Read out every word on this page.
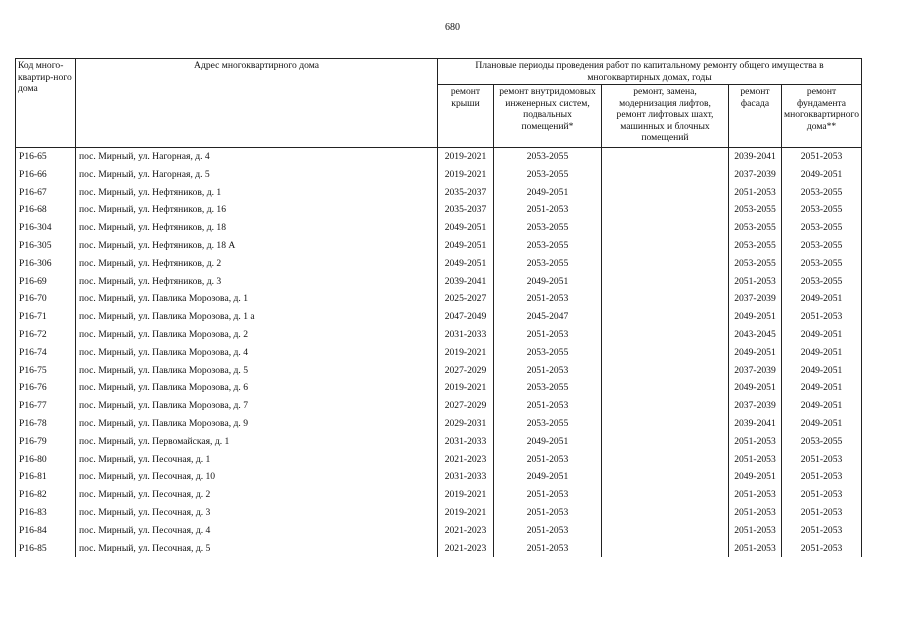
680
Код много-квартир-ного дома	Адрес многоквартирного дома	Плановые периоды проведения работ по капитальному ремонту общего имущества в многоквартирных домах, годы				
		ремонт крыши	ремонт внутридомовых инженерных систем, подвальных помещений*	ремонт, замена, модернизация лифтов, ремонт лифтовых шахт, машинных и блочных помещений	ремонт фасада	ремонт фундамента многоквартирного дома**
Р16-65	пос. Мирный, ул. Нагорная, д. 4	2019-2021	2053-2055		2039-2041	2051-2053
Р16-66	пос. Мирный, ул. Нагорная, д. 5	2019-2021	2053-2055		2037-2039	2049-2051
Р16-67	пос. Мирный, ул. Нефтяников, д. 1	2035-2037	2049-2051		2051-2053	2053-2055
Р16-68	пос. Мирный, ул. Нефтяников, д. 16	2035-2037	2051-2053		2053-2055	2053-2055
Р16-304	пос. Мирный, ул. Нефтяников, д. 18	2049-2051	2053-2055		2053-2055	2053-2055
Р16-305	пос. Мирный, ул. Нефтяников, д. 18 А	2049-2051	2053-2055		2053-2055	2053-2055
Р16-306	пос. Мирный, ул. Нефтяников, д. 2	2049-2051	2053-2055		2053-2055	2053-2055
Р16-69	пос. Мирный, ул. Нефтяников, д. 3	2039-2041	2049-2051		2051-2053	2053-2055
Р16-70	пос. Мирный, ул. Павлика Морозова, д. 1	2025-2027	2051-2053		2037-2039	2049-2051
Р16-71	пос. Мирный, ул. Павлика Морозова, д. 1 а	2047-2049	2045-2047		2049-2051	2051-2053
Р16-72	пос. Мирный, ул. Павлика Морозова, д. 2	2031-2033	2051-2053		2043-2045	2049-2051
Р16-74	пос. Мирный, ул. Павлика Морозова, д. 4	2019-2021	2053-2055		2049-2051	2049-2051
Р16-75	пос. Мирный, ул. Павлика Морозова, д. 5	2027-2029	2051-2053		2037-2039	2049-2051
Р16-76	пос. Мирный, ул. Павлика Морозова, д. 6	2019-2021	2053-2055		2049-2051	2049-2051
Р16-77	пос. Мирный, ул. Павлика Морозова, д. 7	2027-2029	2051-2053		2037-2039	2049-2051
Р16-78	пос. Мирный, ул. Павлика Морозова, д. 9	2029-2031	2053-2055		2039-2041	2049-2051
Р16-79	пос. Мирный, ул. Первомайская, д. 1	2031-2033	2049-2051		2051-2053	2053-2055
Р16-80	пос. Мирный, ул. Песочная, д. 1	2021-2023	2051-2053		2051-2053	2051-2053
Р16-81	пос. Мирный, ул. Песочная, д. 10	2031-2033	2049-2051		2049-2051	2051-2053
Р16-82	пос. Мирный, ул. Песочная, д. 2	2019-2021	2051-2053		2051-2053	2051-2053
Р16-83	пос. Мирный, ул. Песочная, д. 3	2019-2021	2051-2053		2051-2053	2051-2053
Р16-84	пос. Мирный, ул. Песочная, д. 4	2021-2023	2051-2053		2051-2053	2051-2053
Р16-85	пос. Мирный, ул. Песочная, д. 5	2021-2023	2051-2053		2051-2053	2051-2053
